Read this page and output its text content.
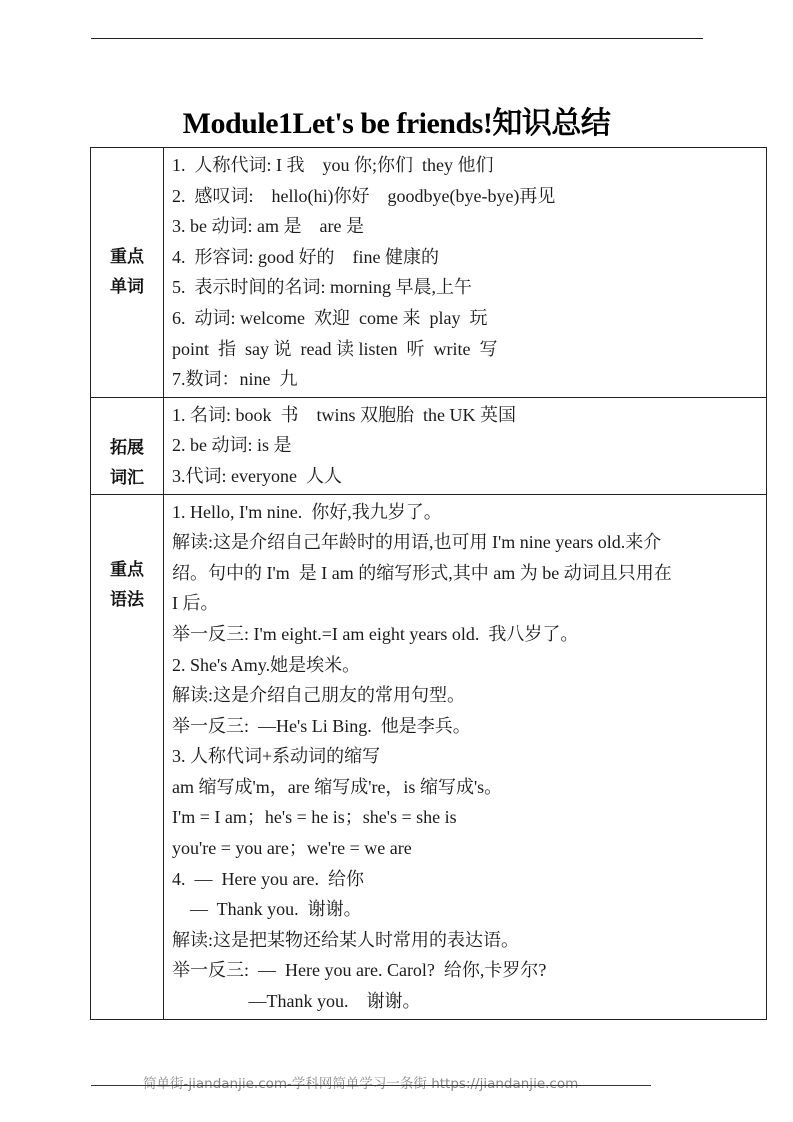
Module1Let's be friends!知识总结
重点
单词

1.  人称代词: I 我    you 你;你们  they 他们
2.  感叹词:    hello(hi)你好    goodbye(bye-bye)再见
3. be 动词: am 是    are 是
4.  形容词: good 好的    fine 健康的
5.  表示时间的名词: morning 早晨,上午
6.  动词: welcome  欢迎  come 来  play  玩
point  指  say 说  read 读 listen  听  write  写
7.数词：nine  九

拓展
词汇

1. 名词: book  书    twins 双胞胎  the UK 英国
2. be 动词: is 是
3.代词: everyone  人人

重点
语法

1. Hello, I'm nine.  你好,我九岁了。
解读:这是介绍自己年龄时的用语,也可用 I'm nine years old.来介
绍。句中的 I'm  是 I am 的缩写形式,其中 am 为 be 动词且只用在
I 后。
举一反三: I'm eight.=I am eight years old.  我八岁了。
2. She's Amy.她是埃米。
解读:这是介绍自己朋友的常用句型。
举一反三:  —He's Li Bing.  他是李兵。
3. 人称代词+系动词的缩写
am 缩写成'm，are 缩写成're，is 缩写成's。
I'm = I am；he's = he is；she's = she is
you're = you are；we're = we are
4.  —  Here you are.  给你
—  Thank you.  谢谢。
解读:这是把某物还给某人时常用的表达语。
举一反三:  —  Here you are. Carol?  给你,卡罗尔?
—Thank you.    谢谢。
简单街-jiandanjie.com-学科网简单学习一条街 https://jiandanjie.com
